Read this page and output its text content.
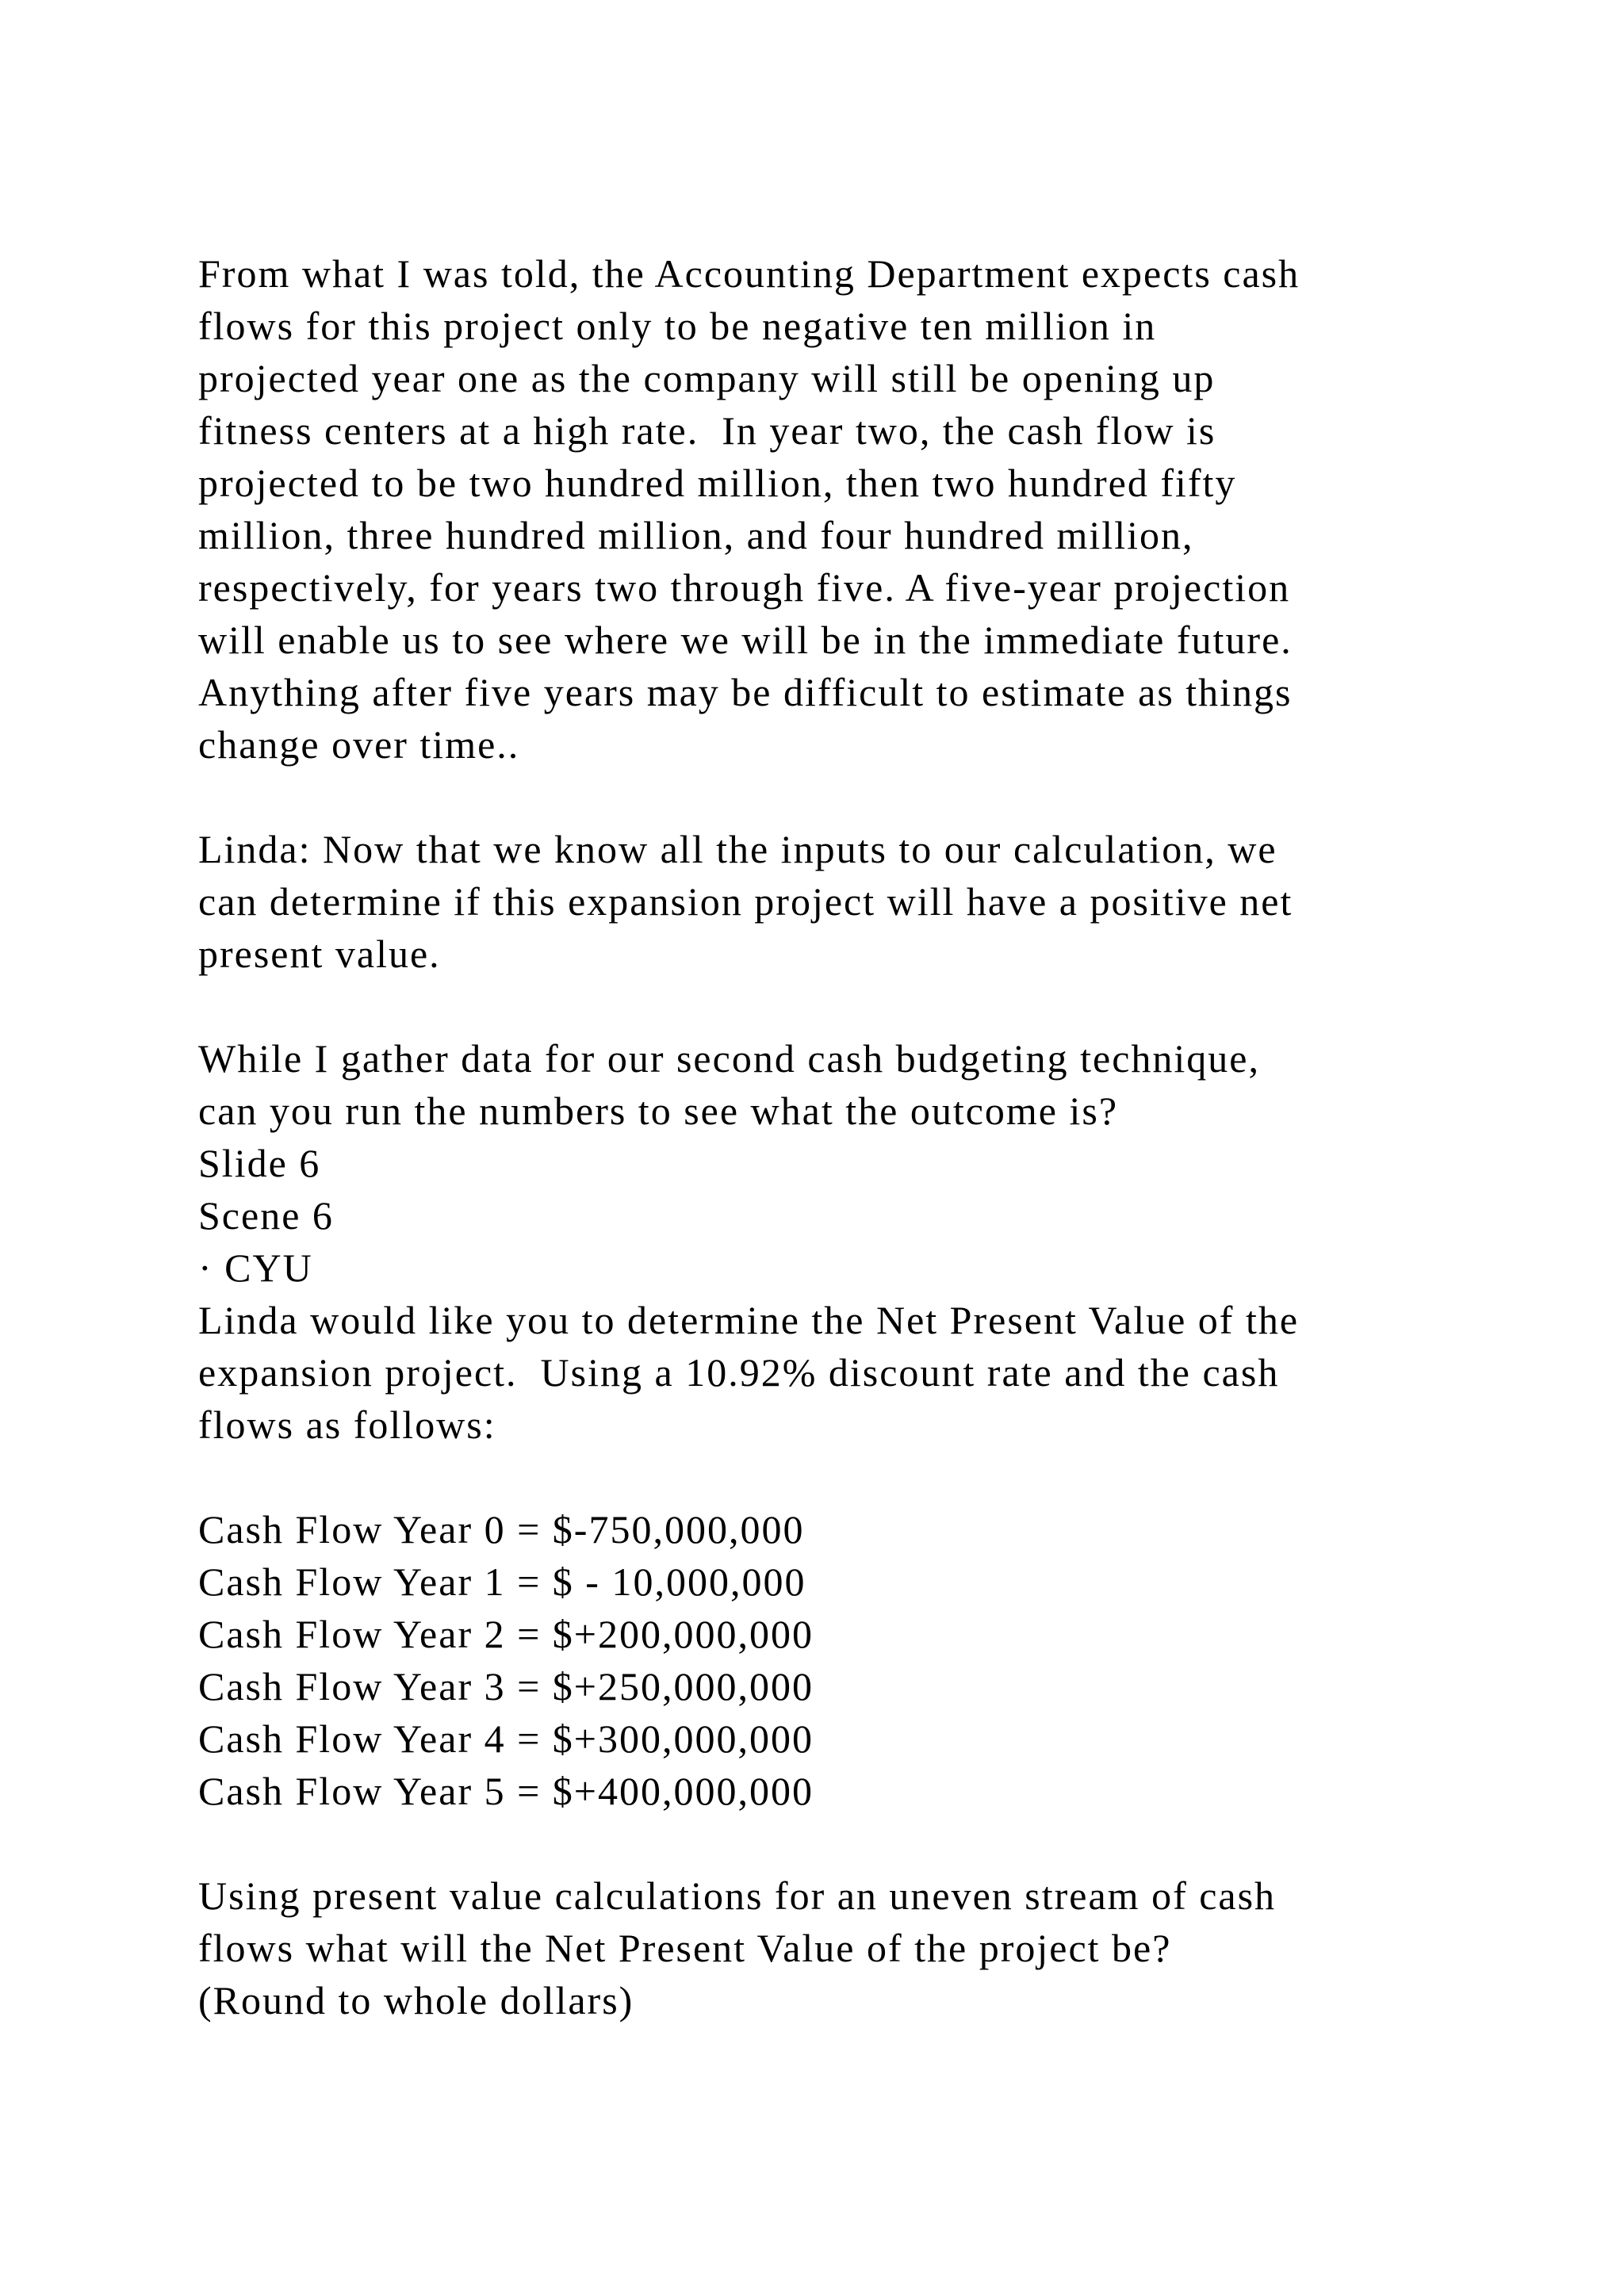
From what I was told, the Accounting Department expects cash
flows for this project only to be negative ten million in
projected year one as the company will still be opening up
fitness centers at a high rate.  In year two, the cash flow is
projected to be two hundred million, then two hundred fifty
million, three hundred million, and four hundred million,
respectively, for years two through five. A five-year projection
will enable us to see where we will be in the immediate future.
Anything after five years may be difficult to estimate as things
change over time..
Linda: Now that we know all the inputs to our calculation, we
can determine if this expansion project will have a positive net
present value.
While I gather data for our second cash budgeting technique,
can you run the numbers to see what the outcome is?
Slide 6
Scene 6
· CYU
Linda would like you to determine the Net Present Value of the
expansion project.  Using a 10.92% discount rate and the cash
flows as follows:
Cash Flow Year 0 = $-750,000,000
Cash Flow Year 1 = $ - 10,000,000
Cash Flow Year 2 = $+200,000,000
Cash Flow Year 3 = $+250,000,000
Cash Flow Year 4 = $+300,000,000
Cash Flow Year 5 = $+400,000,000
Using present value calculations for an uneven stream of cash
flows what will the Net Present Value of the project be?
(Round to whole dollars)
